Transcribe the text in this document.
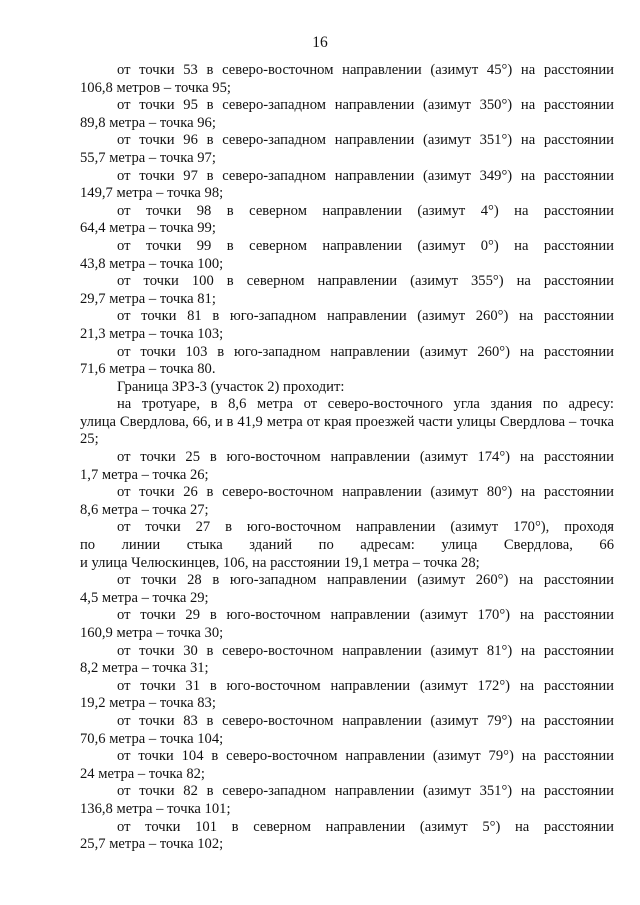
16
от точки 53 в северо-восточном направлении (азимут 45°) на расстоянии
106,8 метров – точка 95;
от точки 95 в северо-западном направлении (азимут 350°) на расстоянии
89,8 метра – точка 96;
от точки 96 в северо-западном направлении (азимут 351°) на расстоянии
55,7 метра – точка 97;
от точки 97 в северо-западном направлении (азимут 349°) на расстоянии
149,7 метра – точка 98;
от точки 98 в северном направлении (азимут 4°) на расстоянии
64,4 метра – точка 99;
от точки 99 в северном направлении (азимут 0°) на расстоянии
43,8 метра – точка 100;
от точки 100 в северном направлении (азимут 355°) на расстоянии
29,7 метра – точка 81;
от точки 81 в юго-западном направлении (азимут 260°) на расстоянии
21,3 метра – точка 103;
от точки 103 в юго-западном направлении (азимут 260°) на расстоянии
71,6 метра – точка 80.
Граница ЗРЗ-3 (участок 2) проходит:
на тротуаре, в 8,6 метра от северо-восточного угла здания по адресу:
улица Свердлова, 66, и в 41,9 метра от края проезжей части улицы Свердлова – точка 25;
от точки 25 в юго-восточном направлении (азимут 174°) на расстоянии
1,7 метра – точка 26;
от точки 26 в северо-восточном направлении (азимут 80°) на расстоянии
8,6 метра – точка 27;
от точки 27 в юго-восточном направлении (азимут 170°), проходя
по линии стыка зданий по адресам: улица Свердлова, 66
и улица Челюскинцев, 106, на расстоянии 19,1 метра – точка 28;
от точки 28 в юго-западном направлении (азимут 260°) на расстоянии
4,5 метра – точка 29;
от точки 29 в юго-восточном направлении (азимут 170°) на расстоянии
160,9 метра – точка 30;
от точки 30 в северо-восточном направлении (азимут 81°) на расстоянии
8,2 метра – точка 31;
от точки 31 в юго-восточном направлении (азимут 172°) на расстоянии
19,2 метра – точка 83;
от точки 83 в северо-восточном направлении (азимут 79°) на расстоянии
70,6 метра – точка 104;
от точки 104 в северо-восточном направлении (азимут 79°) на расстоянии
24 метра – точка 82;
от точки 82 в северо-западном направлении (азимут 351°) на расстоянии
136,8 метра – точка 101;
от точки 101 в северном направлении (азимут 5°) на расстоянии
25,7 метра – точка 102;
